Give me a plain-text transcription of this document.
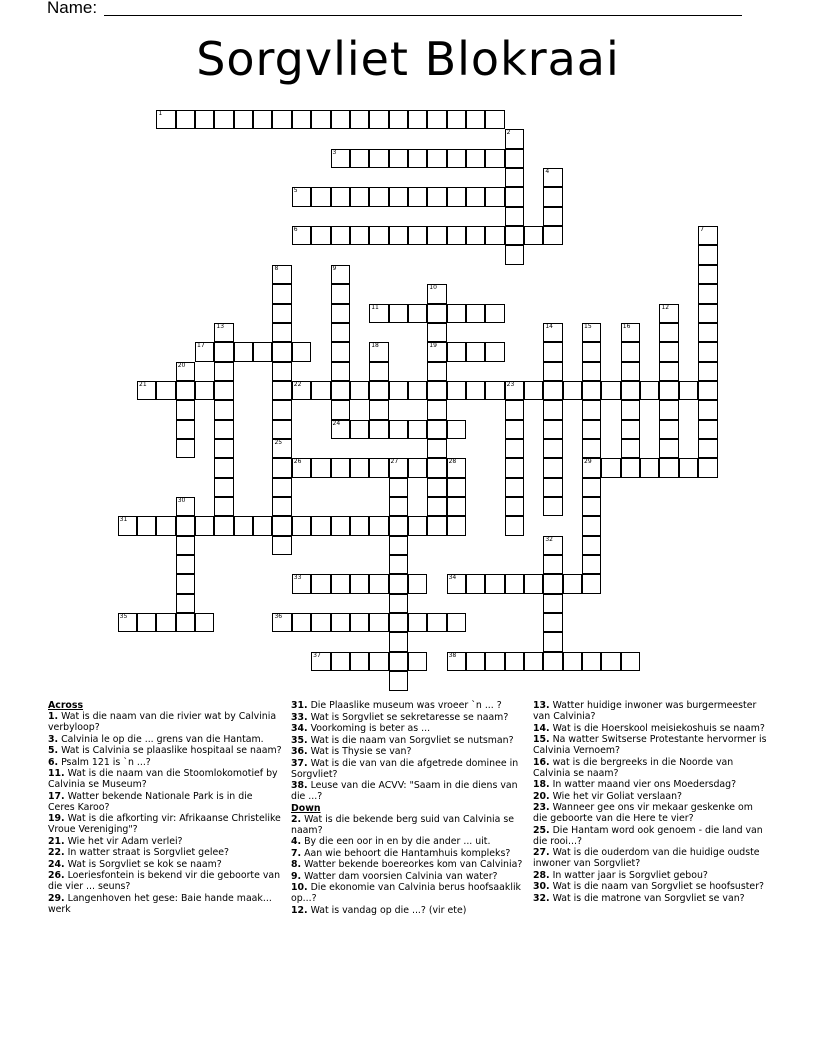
Name:
Sorgvliet Blokraai
1
2
3
4
5
6	7
8	9
24
10
19
11	12
13	14	15
29
16
17	18
20
21	22	23
25
26	27	28
30
31
32
33	34
35	36
37	38
Across
1. Wat is die naam van die rivier wat by Calvinia verbyloop?
3. Calvinia le op die ... grens van die Hantam.
5. Wat is Calvinia se plaaslike hospitaal se naam?
6. Psalm 121 is `n ...?
11. Wat is die naam van die Stoomlokomotief by Calvinia se Museum?
17. Watter bekende Nationale Park is in die Ceres Karoo?
19. Wat is die afkorting vir: Afrikaanse Christelike Vroue Vereniging"?
21. Wie het vir Adam verlei?
22. In watter straat is Sorgvliet gelee?
24. Wat is Sorgvliet se kok se naam?
26. Loeriesfontein is bekend vir die geboorte van die vier ... seuns?
29. Langenhoven het gese: Baie hande maak... werk
31. Die Plaaslike museum was vroeer `n ... ?
33. Wat is Sorgvliet se sekretaresse se naam?
34. Voorkoming is beter as ...
35. Wat is die naam van Sorgvliet se nutsman?
36. Wat is Thysie se van?
37. Wat is die van van die afgetrede dominee in Sorgvliet?
38. Leuse van die ACVV: "Saam in die diens van die ...?
Down
2. Wat is die bekende berg suid van Calvinia se naam?
4. By die een oor in en by die ander ... uit.
7. Aan wie behoort die Hantamhuis kompleks?
8. Watter bekende boereorkes kom van Calvinia?
9. Watter dam voorsien Calvinia van water?
10. Die ekonomie van Calvinia berus hoofsaaklik op...?
12. Wat is vandag op die ...? (vir ete)
13. Watter huidige inwoner was burgermeester van Calvinia?
14. Wat is die Hoerskool meisiekoshuis se naam?
15. Na watter Switserse Protestante hervormer is Calvinia Vernoem?
16. wat is die bergreeks in die Noorde van Calvinia se naam?
18. In watter maand vier ons Moedersdag?
20. Wie het vir Goliat verslaan?
23. Wanneer gee ons vir mekaar geskenke om die geboorte van die Here te vier?
25. Die Hantam word ook genoem - die land van die rooi...?
27. Wat is die ouderdom van die huidige oudste inwoner van Sorgvliet?
28. In watter jaar is Sorgvliet gebou?
30. Wat is die naam van Sorgvliet se hoofsuster?
32. Wat is die matrone van Sorgvliet se van?
